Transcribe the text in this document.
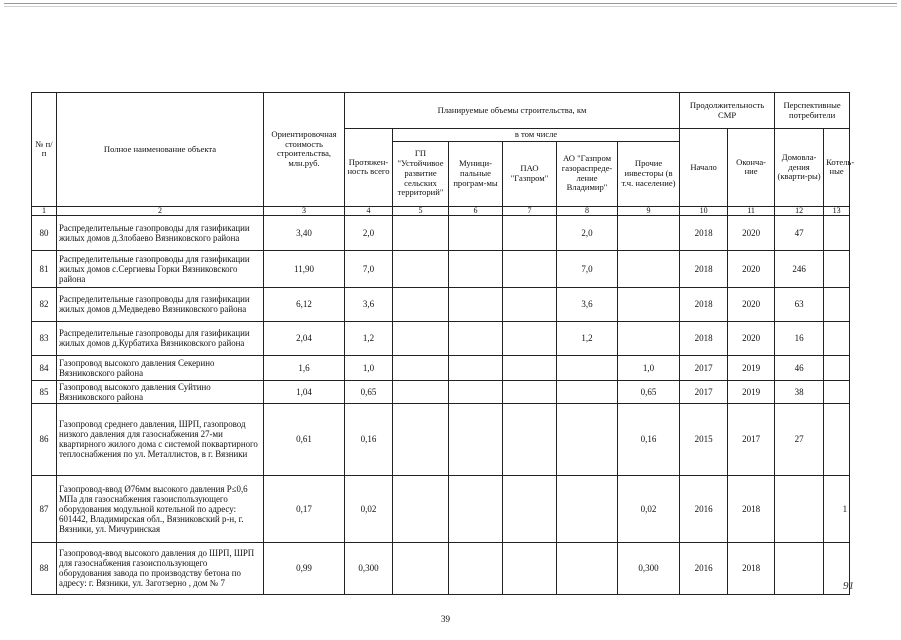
№ п/п	Полное наименование объекта	Ориентировочная стоимость строительства, млн.руб.	Планируемые объемы строительства, км						Продолжительность СМР		Перспективные потребители	
			Протяжен-ность всего	в том числе					Начало	Оконча-ние	Домовла-дения (кварти-ры)	Котель-ные
				ГП "Устойчивое развитие сельских территорий"	Муници-пальные програм-мы	ПАО "Газпром"	АО "Газпром газораспреде-ление Владимир"	Прочие инвесторы (в т.ч. население)				
1	2	3	4	5	6	7	8	9	10	11	12	13
80	Распределительные газопроводы для газификации жилых домов д.Злобаево Вязниковского района	3,40	2,0				2,0		2018	2020	47	
81	Распределительные газопроводы для газификации жилых домов с.Сергиевы Горки Вязниковского района	11,90	7,0				7,0		2018	2020	246	
82	Распределительные газопроводы для газификации жилых домов д.Медведево Вязниковского района	6,12	3,6				3,6		2018	2020	63	
83	Распределительные газопроводы для газификации жилых домов д.Курбатиха Вязниковского района	2,04	1,2				1,2		2018	2020	16	
84	Газопровод высокого давления Секерино Вязниковского района	1,6	1,0					1,0	2017	2019	46	
85	Газопровод высокого давления Суйтино Вязниковского района	1,04	0,65					0,65	2017	2019	38	
86	Газопровод среднего давления, ШРП, газопровод низкого давления для газоснабжения 27-ми квартирного жилого дома с системой поквартирного теплоснабжения по ул. Металлистов, в г. Вязники	0,61	0,16					0,16	2015	2017	27	
87	Газопровод-ввод Ø76мм высокого давления Р≤0,6 МПа для газоснабжения газоиспользующего оборудования модульной котельной по адресу: 601442, Владимирская обл., Вязниковский р-н, г. Вязники, ул. Мичуринская	0,17	0,02					0,02	2016	2018		1
88	Газопровод-ввод высокого давления до ШРП, ШРП для газоснабжения газоиспользующего оборудования завода по производству бетона по адресу: г. Вязники, ул. Заготзерно , дом № 7	0,99	0,300					0,300	2016	2018		
91
39
